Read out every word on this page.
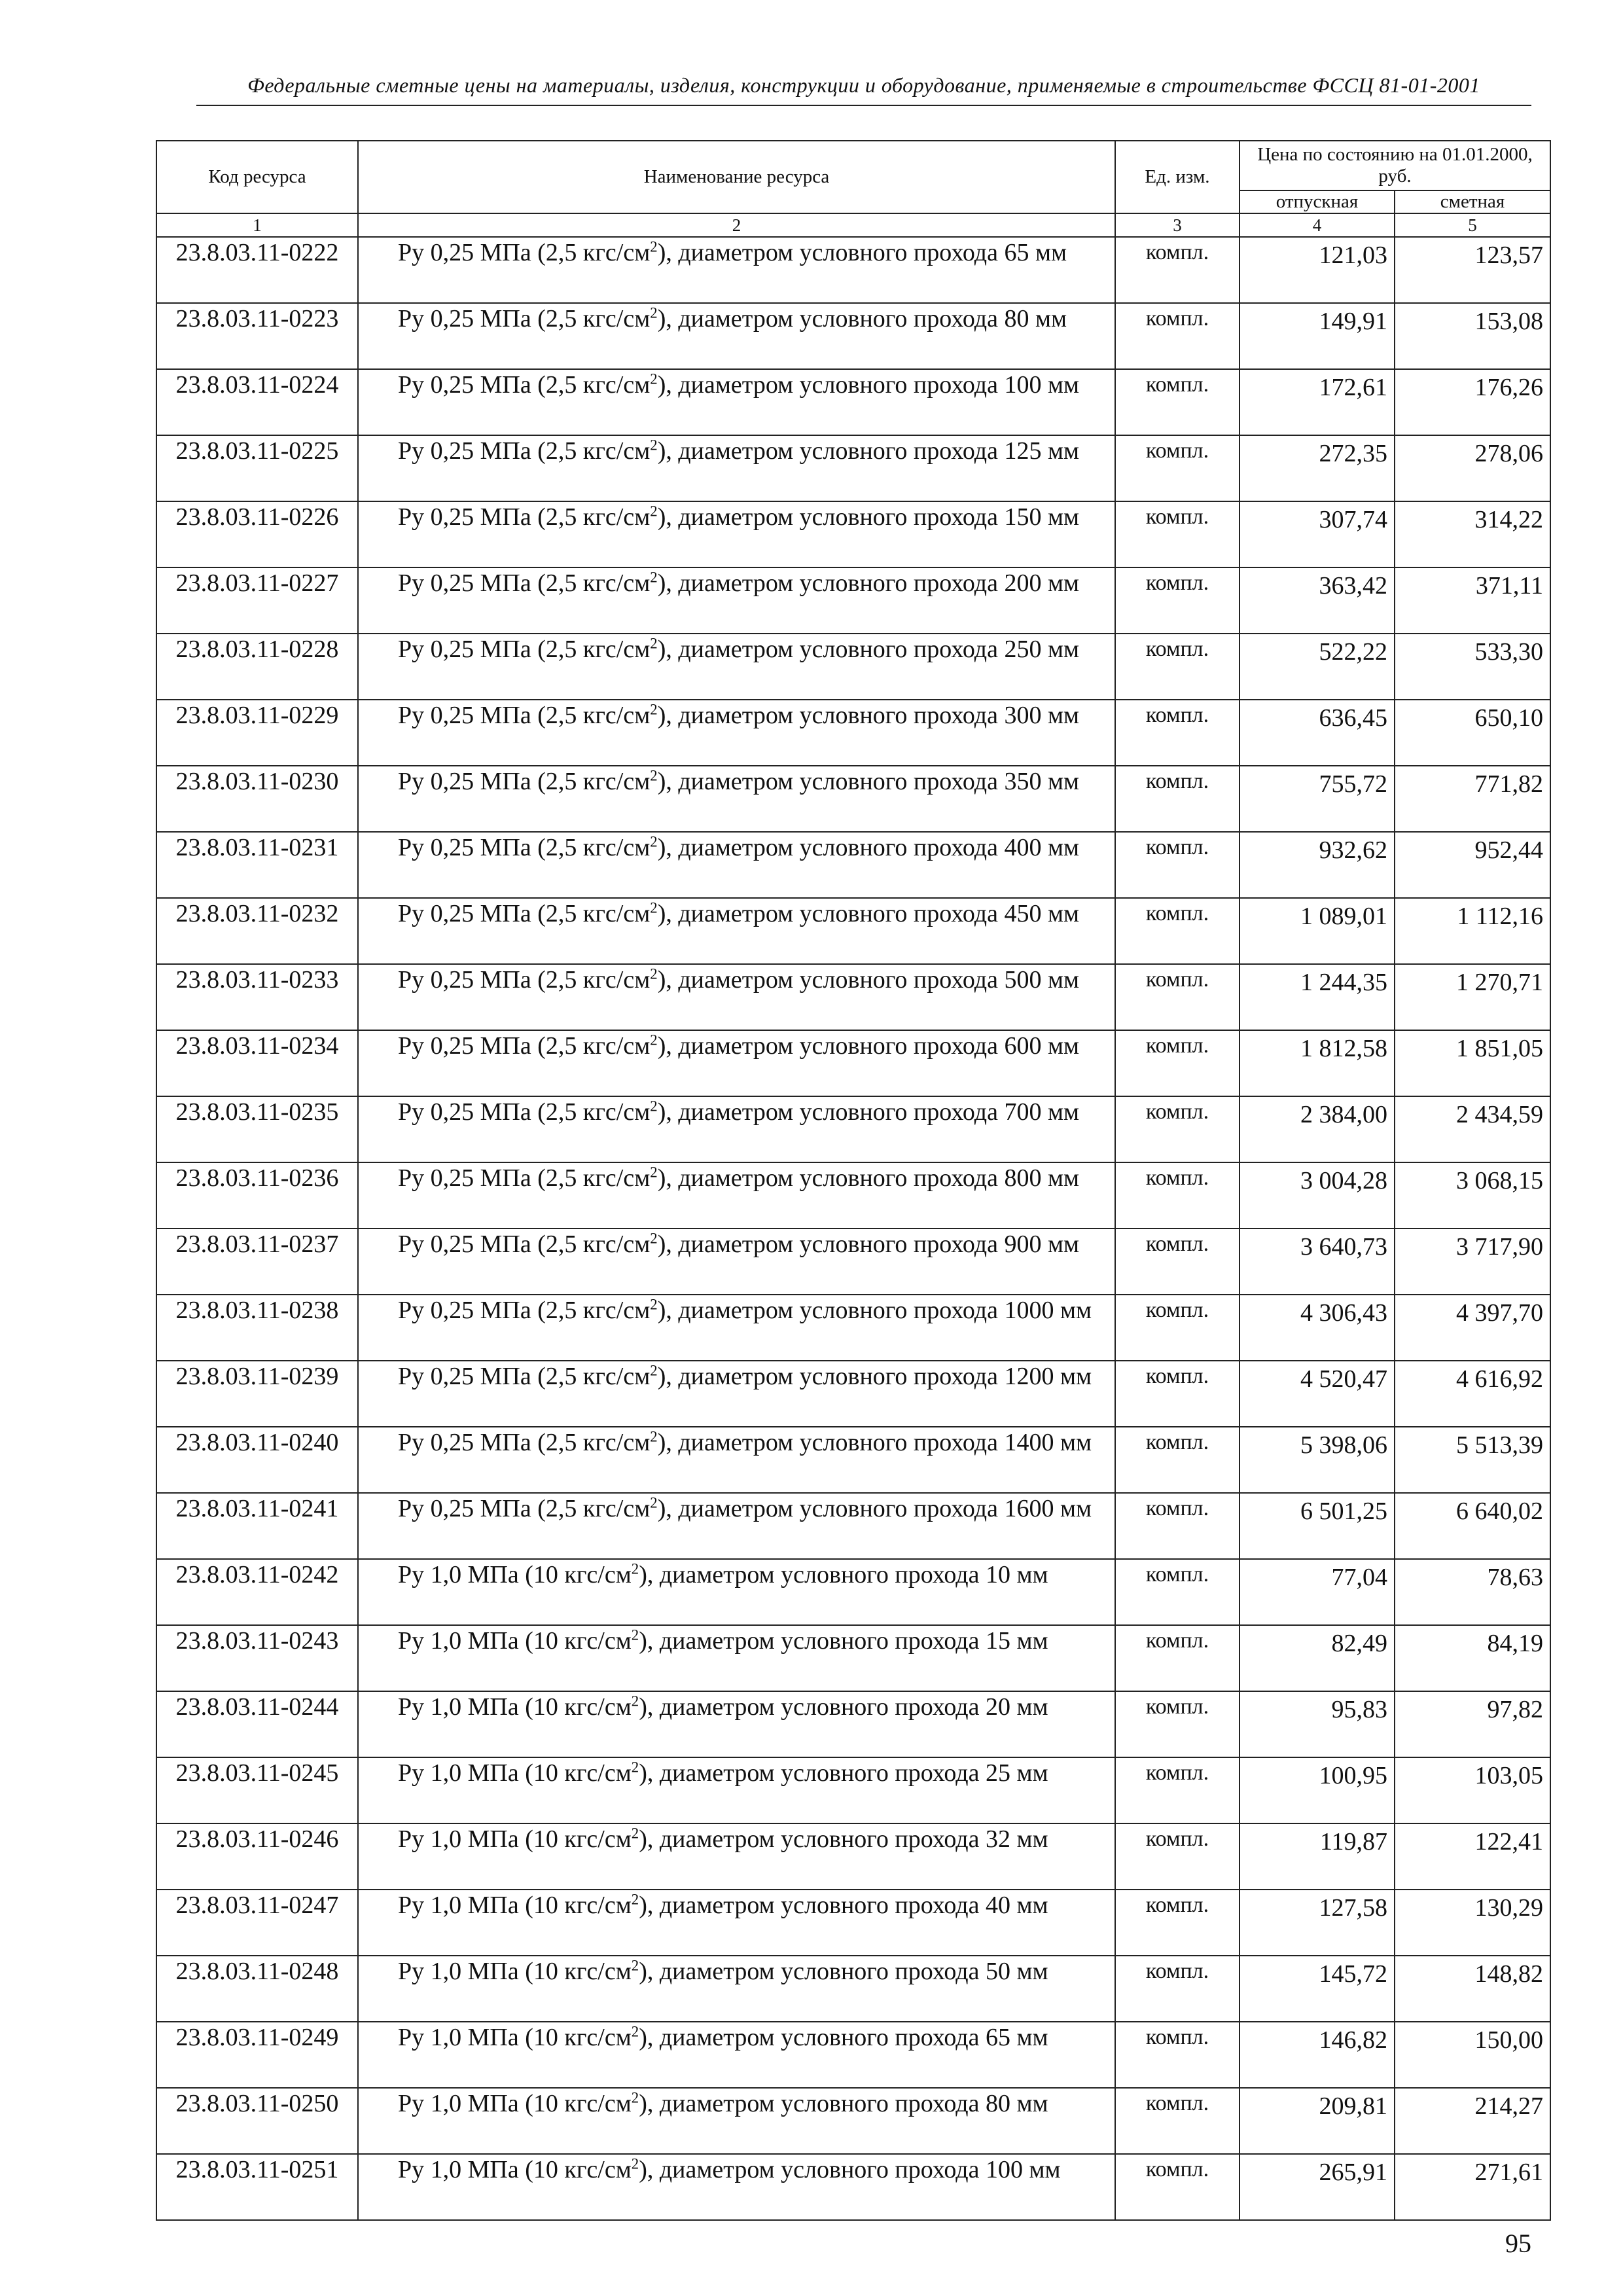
Федеральные сметные цены на материалы, изделия, конструкции и оборудование, применяемые в строительстве ФССЦ 81-01-2001
Код ресурса	Наименование ресурса	Ед. изм.	Цена по состоянию на 01.01.2000, руб.	
			отпускная	сметная
1	2	3	4	5
23.8.03.11-0222	Ру 0,25 МПа (2,5 кгс/$см^2$), диаметром условного прохода 65 мм	компл.	121,03	123,57
23.8.03.11-0223	Ру 0,25 МПа (2,5 кгс/$см^2$), диаметром условного прохода 80 мм	компл.	149,91	153,08
23.8.03.11-0224	Ру 0,25 МПа (2,5 кгс/$см^2$), диаметром условного прохода 100 мм	компл.	172,61	176,26
23.8.03.11-0225	Ру 0,25 МПа (2,5 кгс/$см^2$), диаметром условного прохода 125 мм	компл.	272,35	278,06
23.8.03.11-0226	Ру 0,25 МПа (2,5 кгс/$см^2$), диаметром условного прохода 150 мм	компл.	307,74	314,22
23.8.03.11-0227	Ру 0,25 МПа (2,5 кгс/$см^2$), диаметром условного прохода 200 мм	компл.	363,42	371,11
23.8.03.11-0228	Ру 0,25 МПа (2,5 кгс/$см^2$), диаметром условного прохода 250 мм	компл.	522,22	533,30
23.8.03.11-0229	Ру 0,25 МПа (2,5 кгс/$см^2$), диаметром условного прохода 300 мм	компл.	636,45	650,10
23.8.03.11-0230	Ру 0,25 МПа (2,5 кгс/$см^2$), диаметром условного прохода 350 мм	компл.	755,72	771,82
23.8.03.11-0231	Ру 0,25 МПа (2,5 кгс/$см^2$), диаметром условного прохода 400 мм	компл.	932,62	952,44
23.8.03.11-0232	Ру 0,25 МПа (2,5 кгс/$см^2$), диаметром условного прохода 450 мм	компл.	1 089,01	1 112,16
23.8.03.11-0233	Ру 0,25 МПа (2,5 кгс/$см^2$), диаметром условного прохода 500 мм	компл.	1 244,35	1 270,71
23.8.03.11-0234	Ру 0,25 МПа (2,5 кгс/$см^2$), диаметром условного прохода 600 мм	компл.	1 812,58	1 851,05
23.8.03.11-0235	Ру 0,25 МПа (2,5 кгс/$см^2$), диаметром условного прохода 700 мм	компл.	2 384,00	2 434,59
23.8.03.11-0236	Ру 0,25 МПа (2,5 кгс/$см^2$), диаметром условного прохода 800 мм	компл.	3 004,28	3 068,15
23.8.03.11-0237	Ру 0,25 МПа (2,5 кгс/$см^2$), диаметром условного прохода 900 мм	компл.	3 640,73	3 717,90
23.8.03.11-0238	Ру 0,25 МПа (2,5 кгс/$см^2$), диаметром условного прохода 1000 мм	компл.	4 306,43	4 397,70
23.8.03.11-0239	Ру 0,25 МПа (2,5 кгс/$см^2$), диаметром условного прохода 1200 мм	компл.	4 520,47	4 616,92
23.8.03.11-0240	Ру 0,25 МПа (2,5 кгс/$см^2$), диаметром условного прохода 1400 мм	компл.	5 398,06	5 513,39
23.8.03.11-0241	Ру 0,25 МПа (2,5 кгс/$см^2$), диаметром условного прохода 1600 мм	компл.	6 501,25	6 640,02
23.8.03.11-0242	Ру 1,0 МПа (10 кгс/$см^2$), диаметром условного прохода 10 мм	компл.	77,04	78,63
23.8.03.11-0243	Ру 1,0 МПа (10 кгс/$см^2$), диаметром условного прохода 15 мм	компл.	82,49	84,19
23.8.03.11-0244	Ру 1,0 МПа (10 кгс/$см^2$), диаметром условного прохода 20 мм	компл.	95,83	97,82
23.8.03.11-0245	Ру 1,0 МПа (10 кгс/$см^2$), диаметром условного прохода 25 мм	компл.	100,95	103,05
23.8.03.11-0246	Ру 1,0 МПа (10 кгс/$см^2$), диаметром условного прохода 32 мм	компл.	119,87	122,41
23.8.03.11-0247	Ру 1,0 МПа (10 кгс/$см^2$), диаметром условного прохода 40 мм	компл.	127,58	130,29
23.8.03.11-0248	Ру 1,0 МПа (10 кгс/$см^2$), диаметром условного прохода 50 мм	компл.	145,72	148,82
23.8.03.11-0249	Ру 1,0 МПа (10 кгс/$см^2$), диаметром условного прохода 65 мм	компл.	146,82	150,00
23.8.03.11-0250	Ру 1,0 МПа (10 кгс/$см^2$), диаметром условного прохода 80 мм	компл.	209,81	214,27
23.8.03.11-0251	Ру 1,0 МПа (10 кгс/$см^2$), диаметром условного прохода 100 мм	компл.	265,91	271,61
95
